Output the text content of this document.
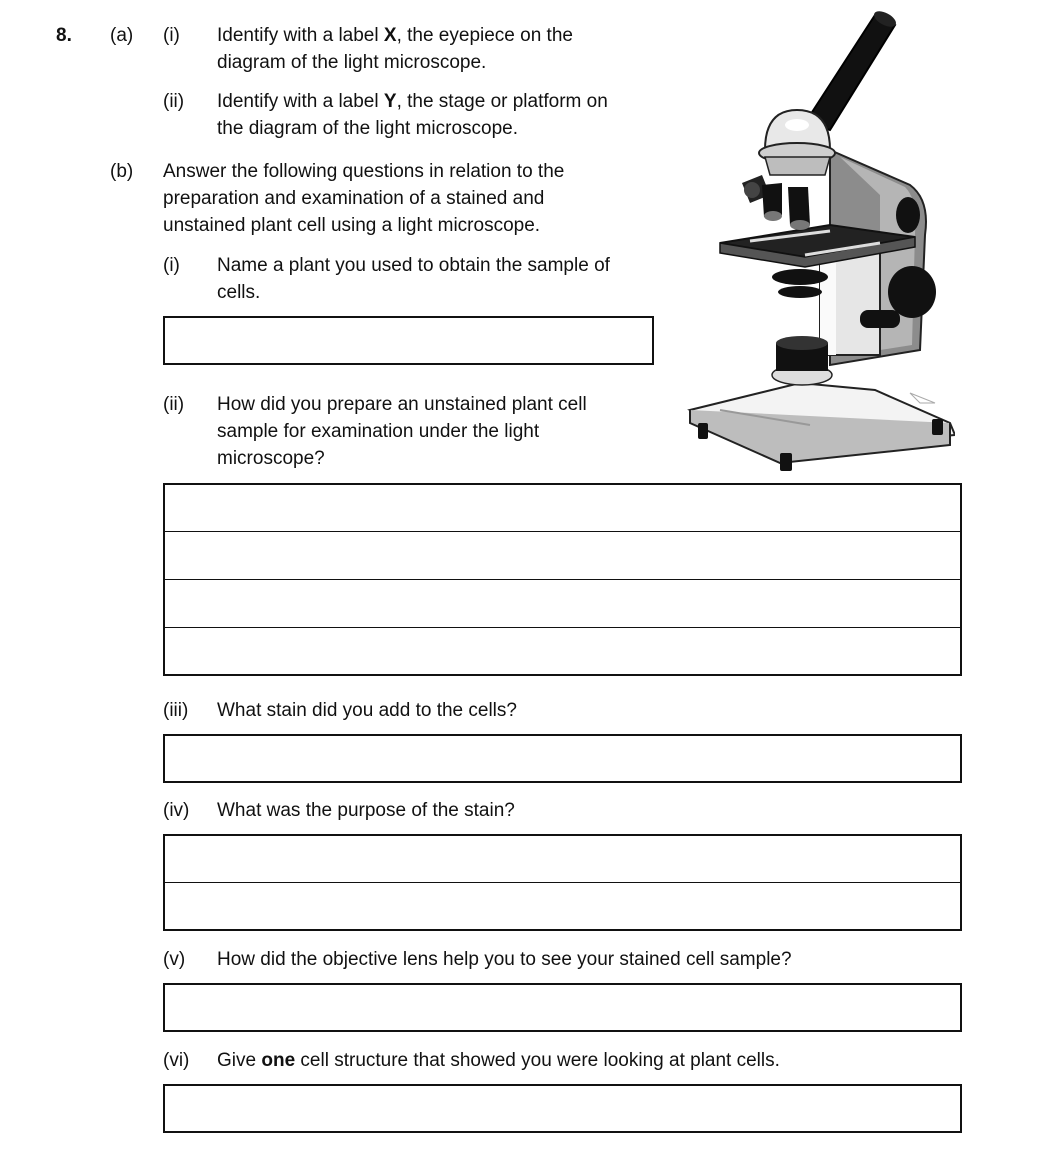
8. (a) (i) Identify with a label X, the eyepiece on the
diagram of the light microscope.
(ii) Identify with a label Y, the stage or platform on
the diagram of the light microscope.
(b) Answer the following questions in relation to the
preparation and examination of a stained and
unstained plant cell using a light microscope.
(i) Name a plant you used to obtain the sample of
cells.
(ii) How did you prepare an unstained plant cell
sample for examination under the light
microscope?
(iii) What stain did you add to the cells?
(iv) What was the purpose of the stain?
(v) How did the objective lens help you to see your stained cell sample?
(vi) Give one cell structure that showed you were looking at plant cells.
